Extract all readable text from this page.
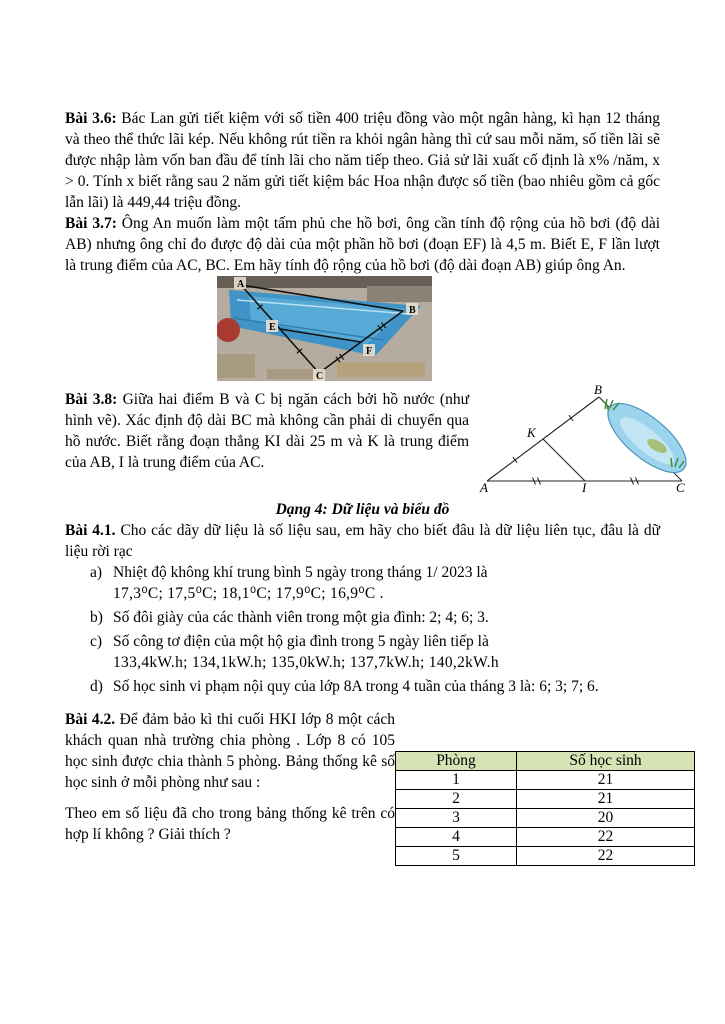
Bài 3.6: Bác Lan gửi tiết kiệm với số tiền 400 triệu đồng vào một ngân hàng, kì hạn 12 tháng và theo thể thức lãi kép. Nếu không rút tiền ra khỏi ngân hàng thì cứ sau mỗi năm, số tiền lãi sẽ được nhập làm vốn ban đầu để tính lãi cho năm tiếp theo. Giả sử lãi xuất cố định là x% /năm, x > 0. Tính x biết rằng sau 2 năm gửi tiết kiệm bác Hoa nhận được số tiền (bao nhiêu gồm cả gốc lẫn lãi) là 449,44 triệu đồng.

Bài 3.7: Ông An muốn làm một tấm phủ che hồ bơi, ông cần tính độ rộng của hồ bơi (độ dài AB) nhưng ông chỉ đo được độ dài của một phần hồ bơi (đoạn EF) là 4,5 m. Biết E, F lần lượt là trung điểm của AC, BC. Em hãy tính độ rộng của hồ bơi (độ dài đoạn AB) giúp ông An.

A
B
C
E
F
B
K
A	I	C

Bài 3.8: Giữa hai điểm B và C bị ngăn cách bởi hồ nước (như hình vẽ). Xác định độ dài BC mà không cần phải di chuyển qua hồ nước. Biết rằng đoạn thẳng KI dài 25 m và K là trung điểm của AB, I là trung điểm của AC.

Dạng 4: Dữ liệu và biểu đồ

Bài 4.1. Cho các dãy dữ liệu là số liệu sau, em hãy cho biết đâu là dữ liệu liên tục, đâu là dữ liệu rời rạc

a) Nhiệt độ không khí trung bình 5 ngày trong tháng 1/ 2023 là
17,3⁰C; 17,5⁰C; 18,1⁰C; 17,9⁰C; 16,9⁰C .
b) Số đôi giày của các thành viên trong một gia đình: 2; 4; 6; 3.
c) Số công tơ điện của một hộ gia đình trong 5 ngày liên tiếp là
133,4kW.h; 134,1kW.h; 135,0kW.h; 137,7kW.h; 140,2kW.h
d) Số học sinh vi phạm nội quy của lớp 8A trong 4 tuần của tháng 3 là: 6; 3; 7; 6.

Bài 4.2. Để đảm bảo kì thi cuối HKI lớp 8 một cách khách quan nhà trường chia phòng . Lớp 8 có 105 học sinh được chia thành 5 phòng. Bảng thống kê số học sinh ở mỗi phòng như sau :

Theo em số liệu đã cho trong bảng thống kê trên có hợp lí không ? Giải thích ?

Phòng	Số học sinh
1	21
2	21
3	20
4	22
5	22
